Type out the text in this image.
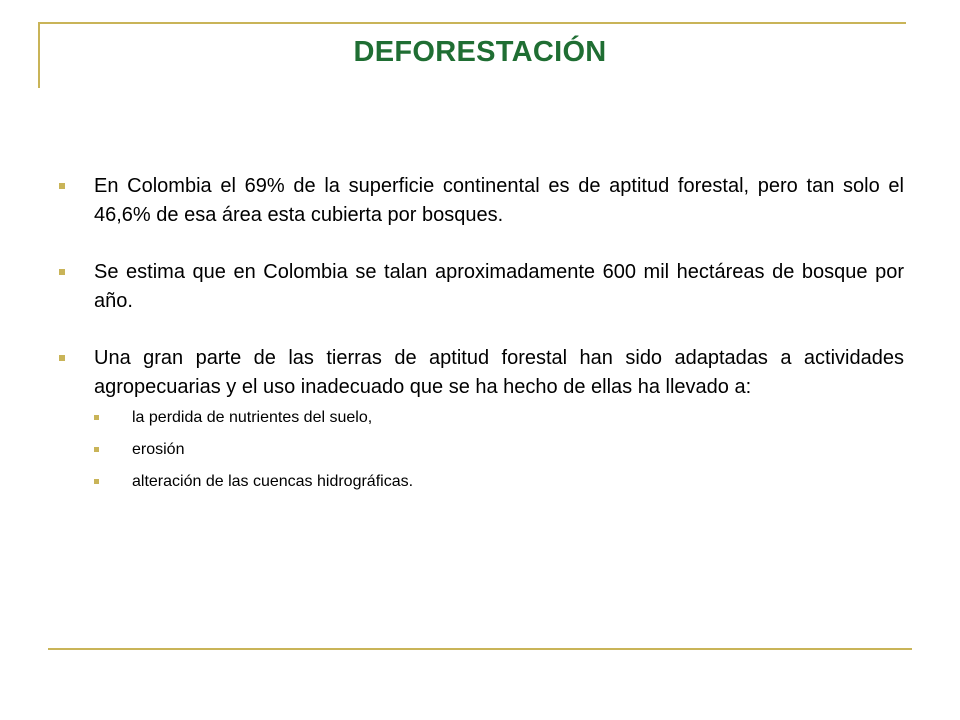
DEFORESTACIÓN

En Colombia el 69% de la superficie continental es de aptitud forestal, pero tan solo el 46,6% de esa área esta cubierta por bosques.

Se estima que en Colombia se talan aproximadamente 600 mil hectáreas de bosque por año.

Una gran parte de las tierras de aptitud forestal han sido adaptadas a actividades agropecuarias y el uso inadecuado que se ha hecho de ellas ha llevado a:

la perdida de nutrientes del suelo,

erosión

alteración de las cuencas hidrográficas.
